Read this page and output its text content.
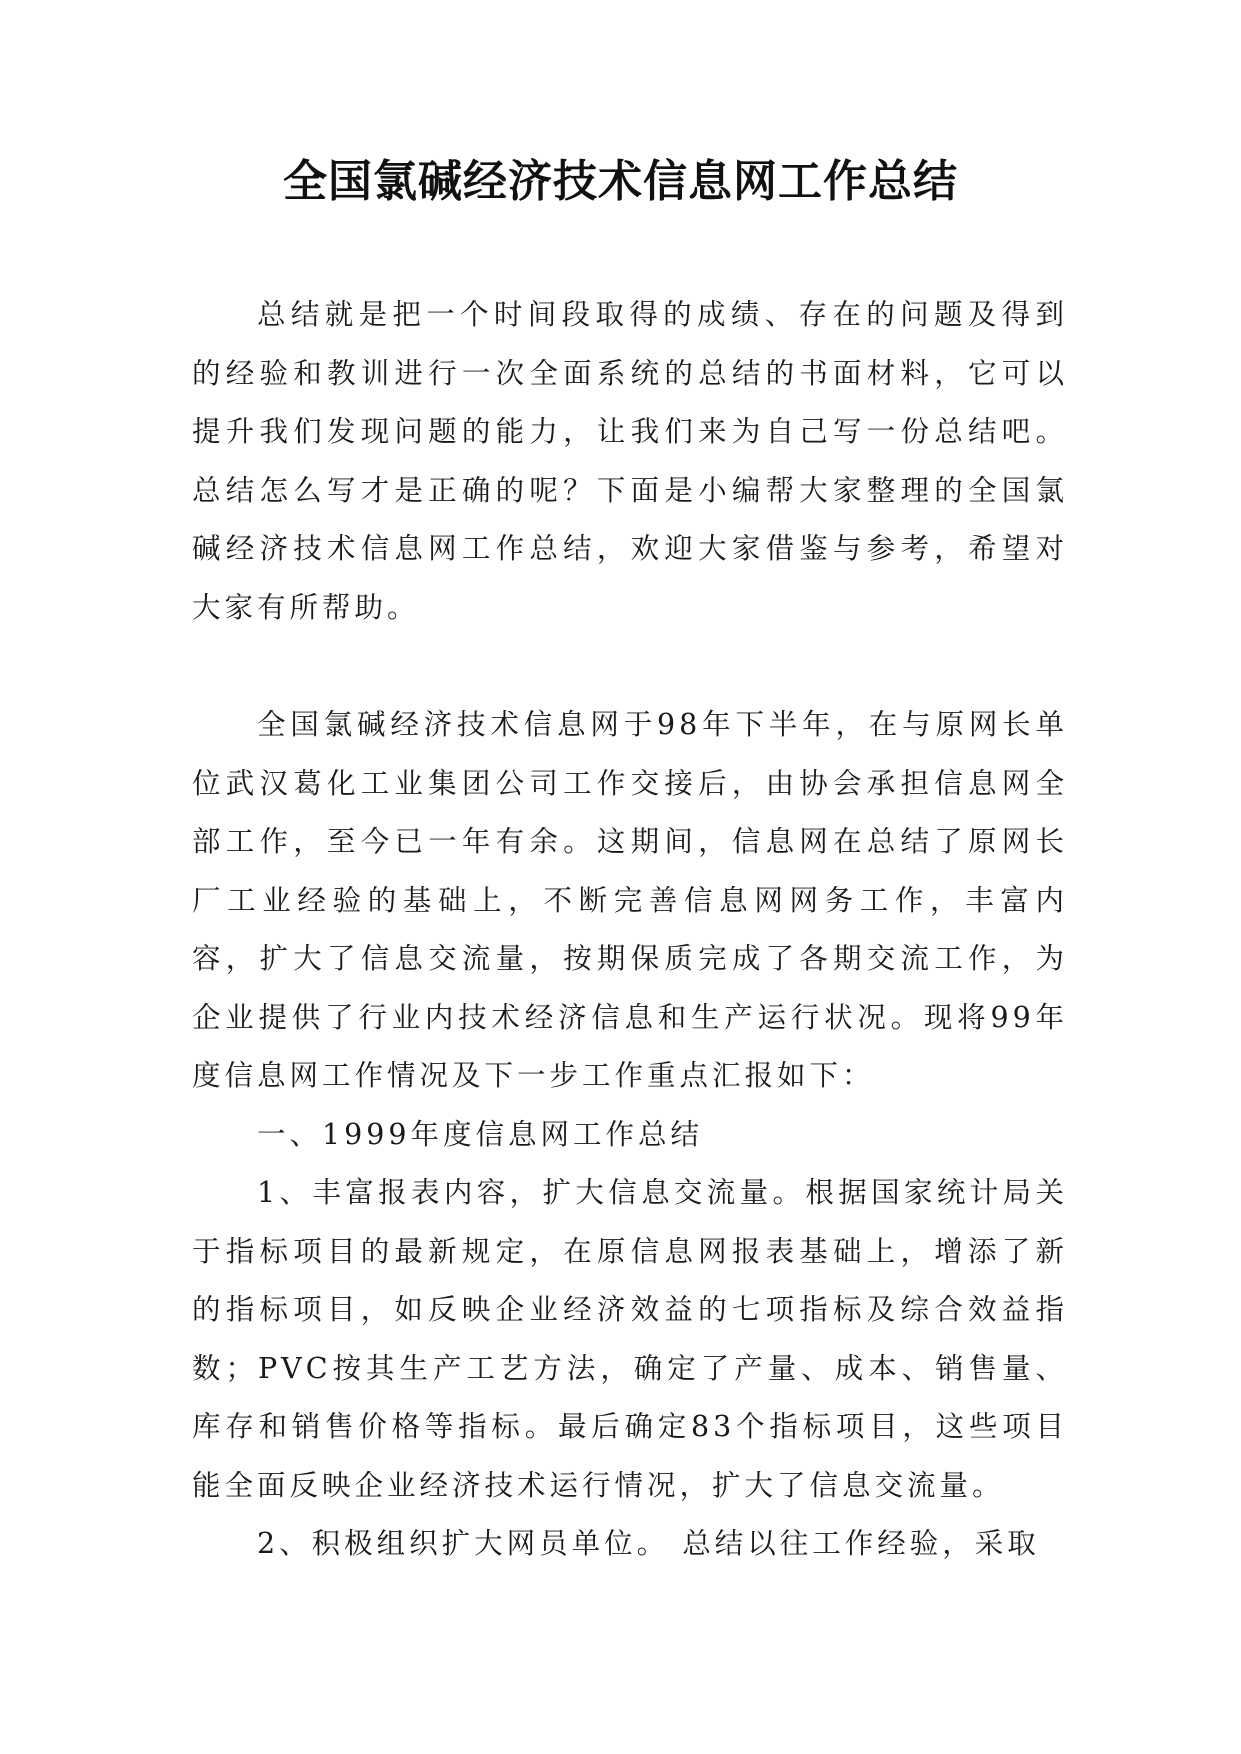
全国氯碱经济技术信息网工作总结

总结就是把一个时间段取得的成绩、存在的问题及得到的经验和教训进行一次全面系统的总结的书面材料，它可以提升我们发现问题的能力，让我们来为自己写一份总结吧。总结怎么写才是正确的呢？下面是小编帮大家整理的全国氯碱经济技术信息网工作总结，欢迎大家借鉴与参考，希望对大家有所帮助。

全国氯碱经济技术信息网于98年下半年，在与原网长单位武汉葛化工业集团公司工作交接后，由协会承担信息网全部工作，至今已一年有余。这期间，信息网在总结了原网长厂工业经验的基础上，不断完善信息网网务工作，丰富内容，扩大了信息交流量，按期保质完成了各期交流工作，为企业提供了行业内技术经济信息和生产运行状况。现将99年度信息网工作情况及下一步工作重点汇报如下：

一、1999年度信息网工作总结

1、丰富报表内容，扩大信息交流量。根据国家统计局关于指标项目的最新规定，在原信息网报表基础上，增添了新的指标项目，如反映企业经济效益的七项指标及综合效益指数；PVC按其生产工艺方法，确定了产量、成本、销售量、库存和销售价格等指标。最后确定83个指标项目，这些项目能全面反映企业经济技术运行情况，扩大了信息交流量。

2、积极组织扩大网员单位。 总结以往工作经验，采取
